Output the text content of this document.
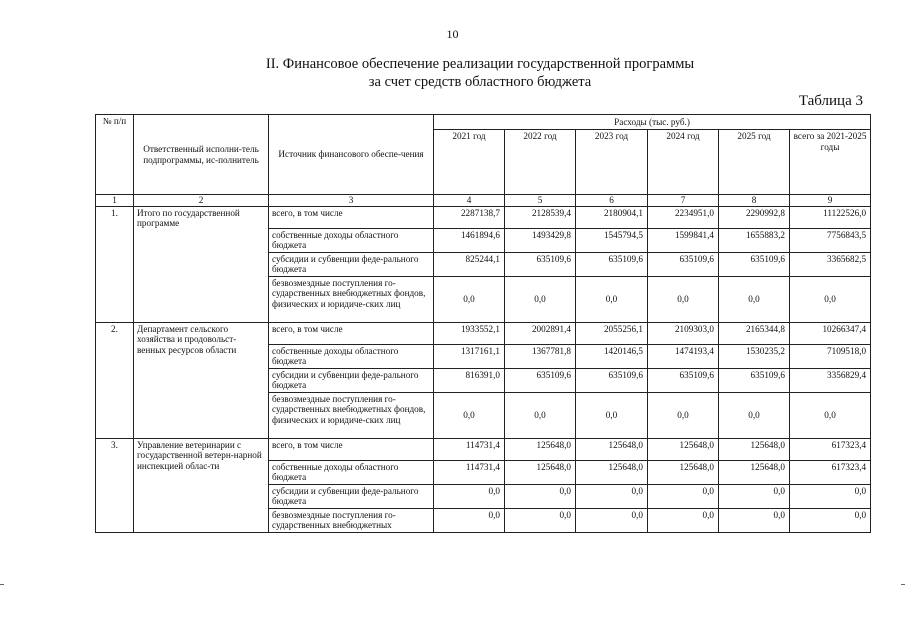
10
II. Финансовое обеспечение реализации государственной программы
за счет средств областного бюджета
Таблица 3
№ п/п	Ответственный исполни-тель подпрограммы, ис-полнитель	Источник финансового обеспе-чения	Расходы (тыс. руб.)					
			2021 год	2022 год	2023 год	2024 год	2025 год	всего за 2021-2025 годы
1	2	3	4	5	6	7	8	9
1.	Итого по государственной программе	всего, в том числе	2287138,7	2128539,4	2180904,1	2234951,0	2290992,8	11122526,0
		собственные доходы областного бюджета	1461894,6	1493429,8	1545794,5	1599841,4	1655883,2	7756843,5
		субсидии и субвенции феде-рального бюджета	825244,1	635109,6	635109,6	635109,6	635109,6	3365682,5
		безвозмездные поступления го-сударственных внебюджетных фондов, физических и юридиче-ских лиц	0,0	0,0	0,0	0,0	0,0	0,0
2.	Департамент сельского хозяйства и продовольст-венных ресурсов области	всего, в том числе	1933552,1	2002891,4	2055256,1	2109303,0	2165344,8	10266347,4
		собственные доходы областного бюджета	1317161,1	1367781,8	1420146,5	1474193,4	1530235,2	7109518,0
		субсидии и субвенции феде-рального бюджета	816391,0	635109,6	635109,6	635109,6	635109,6	3356829,4
		безвозмездные поступления го-сударственных внебюджетных фондов, физических и юридиче-ских лиц	0,0	0,0	0,0	0,0	0,0	0,0
3.	Управление ветеринарии с государственной ветерн-нарной инспекцией облас-ти	всего, в том числе	114731,4	125648,0	125648,0	125648,0	125648,0	617323,4
		собственные доходы областного бюджета	114731,4	125648,0	125648,0	125648,0	125648,0	617323,4
		субсидии и субвенции феде-рального бюджета	0,0	0,0	0,0	0,0	0,0	0,0
		безвозмездные поступления го-сударственных внебюджетных	0,0	0,0	0,0	0,0	0,0	0,0
